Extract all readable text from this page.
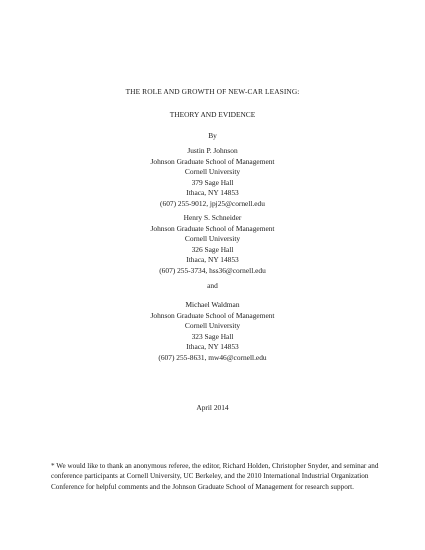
THE ROLE AND GROWTH OF NEW-CAR LEASING:
THEORY AND EVIDENCE
By
Justin P. Johnson
Johnson Graduate School of Management
Cornell University
379 Sage Hall
Ithaca, NY 14853
(607) 255-9012, jpj25@cornell.edu
Henry S. Schneider
Johnson Graduate School of Management
Cornell University
326 Sage Hall
Ithaca, NY 14853
(607) 255-3734, hss36@cornell.edu
and
Michael Waldman
Johnson Graduate School of Management
Cornell University
323 Sage Hall
Ithaca, NY 14853
(607) 255-8631, mw46@cornell.edu
April 2014
* We would like to thank an anonymous referee, the editor, Richard Holden, Christopher Snyder, and seminar and conference participants at Cornell University, UC Berkeley, and the 2010 International Industrial Organization Conference for helpful comments and the Johnson Graduate School of Management for research support.
